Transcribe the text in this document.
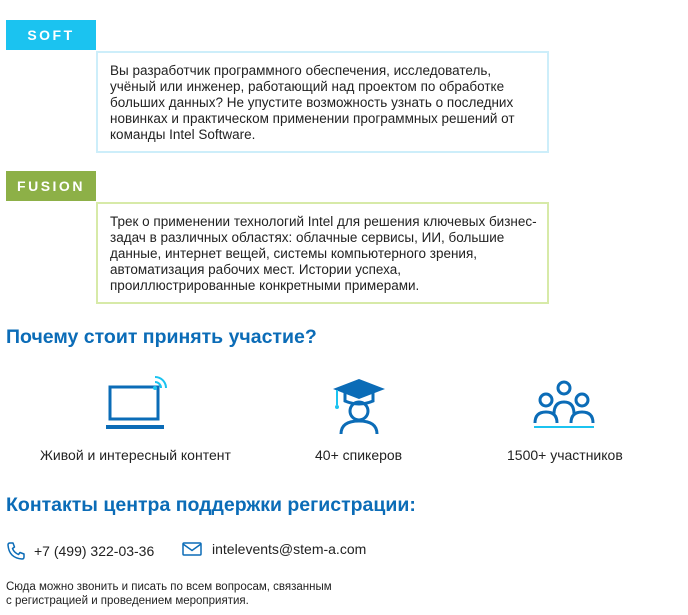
SOFT
Вы разработчик программного обеспечения, исследователь, учёный или инженер, работающий над проектом по обработке больших данных? Не упустите возможность узнать о последних новинках и практическом применении программных решений от команды Intel Software.
FUSION
Трек о применении технологий Intel для решения ключевых бизнес-задач в различных областях: облачные сервисы, ИИ, большие данные, интернет вещей, системы компьютерного зрения, автоматизация рабочих мест. Истории успеха, проиллюстрированные конкретными примерами.
Почему стоит принять участие?
Живой и интересный контент	40+ спикеров	1500+ участников
Контакты центра поддержки регистрации:
+7 (499) 322-03-36	intelevents@stem-a.com
Сюда можно звонить и писать по всем вопросам, связанным
с регистрацией и проведением мероприятия.
